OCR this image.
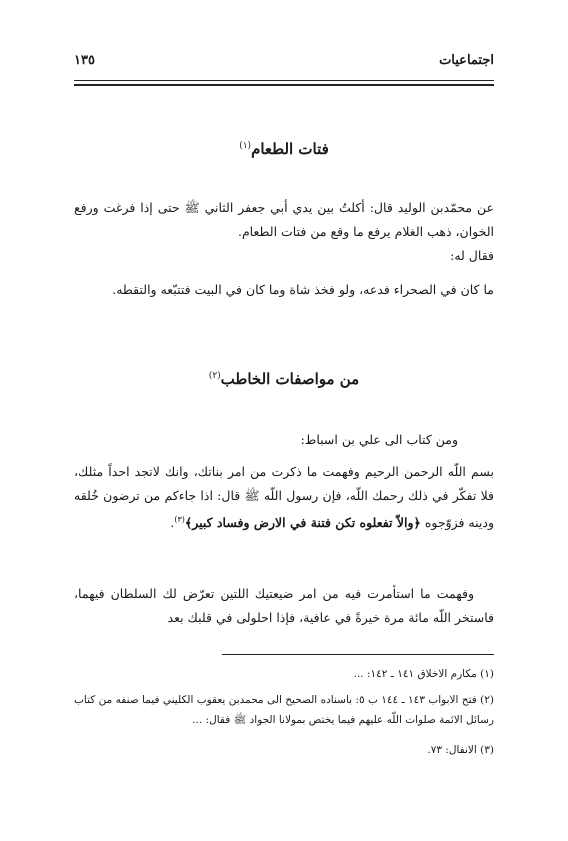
١٣٥	اجتماعيات
فتات الطعام$^{(١)}$
عن محمّدبن الوليد قال: أكلتُ بين يدي أبي جعفر الثاني ﷺ حتى إذا فرغت ورفع الخوان، ذهب الغلام يرفع ما وقع من فتات الطعام.
فقال له:
ما كان في الصحراء فدعه، ولو فخذ شاة وما كان في البيت فتتبّعه والتقطه.
من مواصفات الخاطب$^{(٢)}$
ومن كتاب الى علي بن اسباط:
بسم اللّه الرحمن الرحيم وفهمت ما ذكرت من امر بناتك، وانك لاتجد احداً مثلك، فلا تفكّر في ذلك رحمك اللّه، فإن رسول اللّه ﷺ قال: اذا جاءكم من ترضون خُلقه ودينه فزوّجوه ﴿والاّ تفعلوه تكن فتنة في الارض وفساد كبير﴾$^{(٣)}$.
وفهمت ما استأمرت فيه من امر ضيعتيك اللتين تعرّض لك السلطان فيهما، فاستخر اللّه مائة مرة خيرةً في عافية، فإذا احلولى في قلبك بعد
(١) مكارم الاخلاق ١٤١ ـ ١٤٢: ...
(٢) فتح الابواب ١٤٣ ـ ١٤٤ ب ٥: باسناده الصحيح الى محمدبن يعقوب الكليني فيما صنفه من كتاب رسائل الائمة صلوات اللّه عليهم فيما يختص بمولانا الجواد ﷺ فقال: ...
(٣) الانفال: ٧٣.
